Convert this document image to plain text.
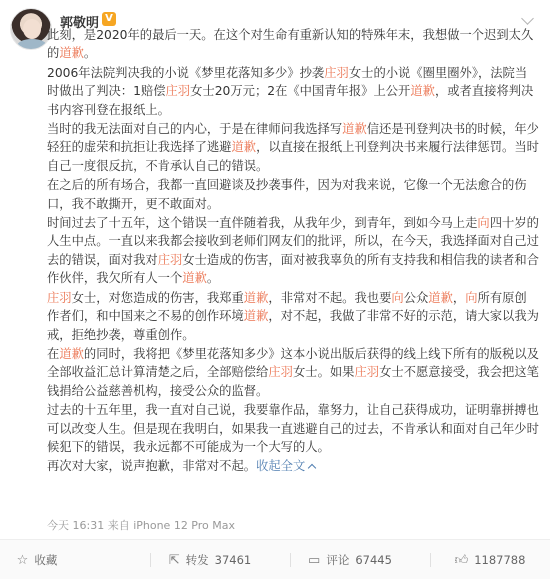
郭敬明 V
此刻，是2020年的最后一天。在这个对生命有重新认知的特殊年末，我想做一个迟到太久的道歉。
2006年法院判决我的小说《梦里花落知多少》抄袭庄羽女士的小说《圈里圈外》，法院当时做出了判决：1赔偿庄羽女士20万元；2在《中国青年报》上公开道歉，或者直接将判决书内容刊登在报纸上。
当时的我无法面对自己的内心，于是在律师问我选择写道歉信还是刊登判决书的时候，年少轻狂的虚荣和抗拒让我选择了逃避道歉，以直接在报纸上刊登判决书来履行法律惩罚。当时自己一度很反抗，不肯承认自己的错误。
在之后的所有场合，我都一直回避谈及抄袭事件，因为对我来说，它像一个无法愈合的伤口，我不敢撕开，更不敢面对。
时间过去了十五年，这个错误一直伴随着我，从我年少，到青年，到如今马上走向四十岁的人生中点。一直以来我都会接收到老师们网友们的批评，所以，在今天，我选择面对自己过去的错误，面对我对庄羽女士造成的伤害，面对被我辜负的所有支持我和相信我的读者和合作伙伴，我欠所有人一个道歉。
庄羽女士，对您造成的伤害，我郑重道歉，非常对不起。我也要向公众道歉，向所有原创作者们，和中国来之不易的创作环境道歉，对不起，我做了非常不好的示范，请大家以我为戒，拒绝抄袭，尊重创作。
在道歉的同时，我将把《梦里花落知多少》这本小说出版后获得的线上线下所有的版税以及全部收益汇总计算清楚之后，全部赔偿给庄羽女士。如果庄羽女士不愿意接受，我会把这笔钱捐给公益慈善机构，接受公众的监督。
过去的十五年里，我一直对自己说，我要靠作品，靠努力，让自己获得成功，证明靠拼搏也可以改变人生。但是现在我明白，如果我一直逃避自己的过去，不肯承认和面对自己年少时候犯下的错误，我永远都不可能成为一个大写的人。
再次对大家，说声抱歉，非常对不起。收起全文
今天 16:31 来自 iPhone 12 Pro Max
☆ 收藏	⇱ 转发 37461	▭ 评论 67445	👍︎ 1187788
